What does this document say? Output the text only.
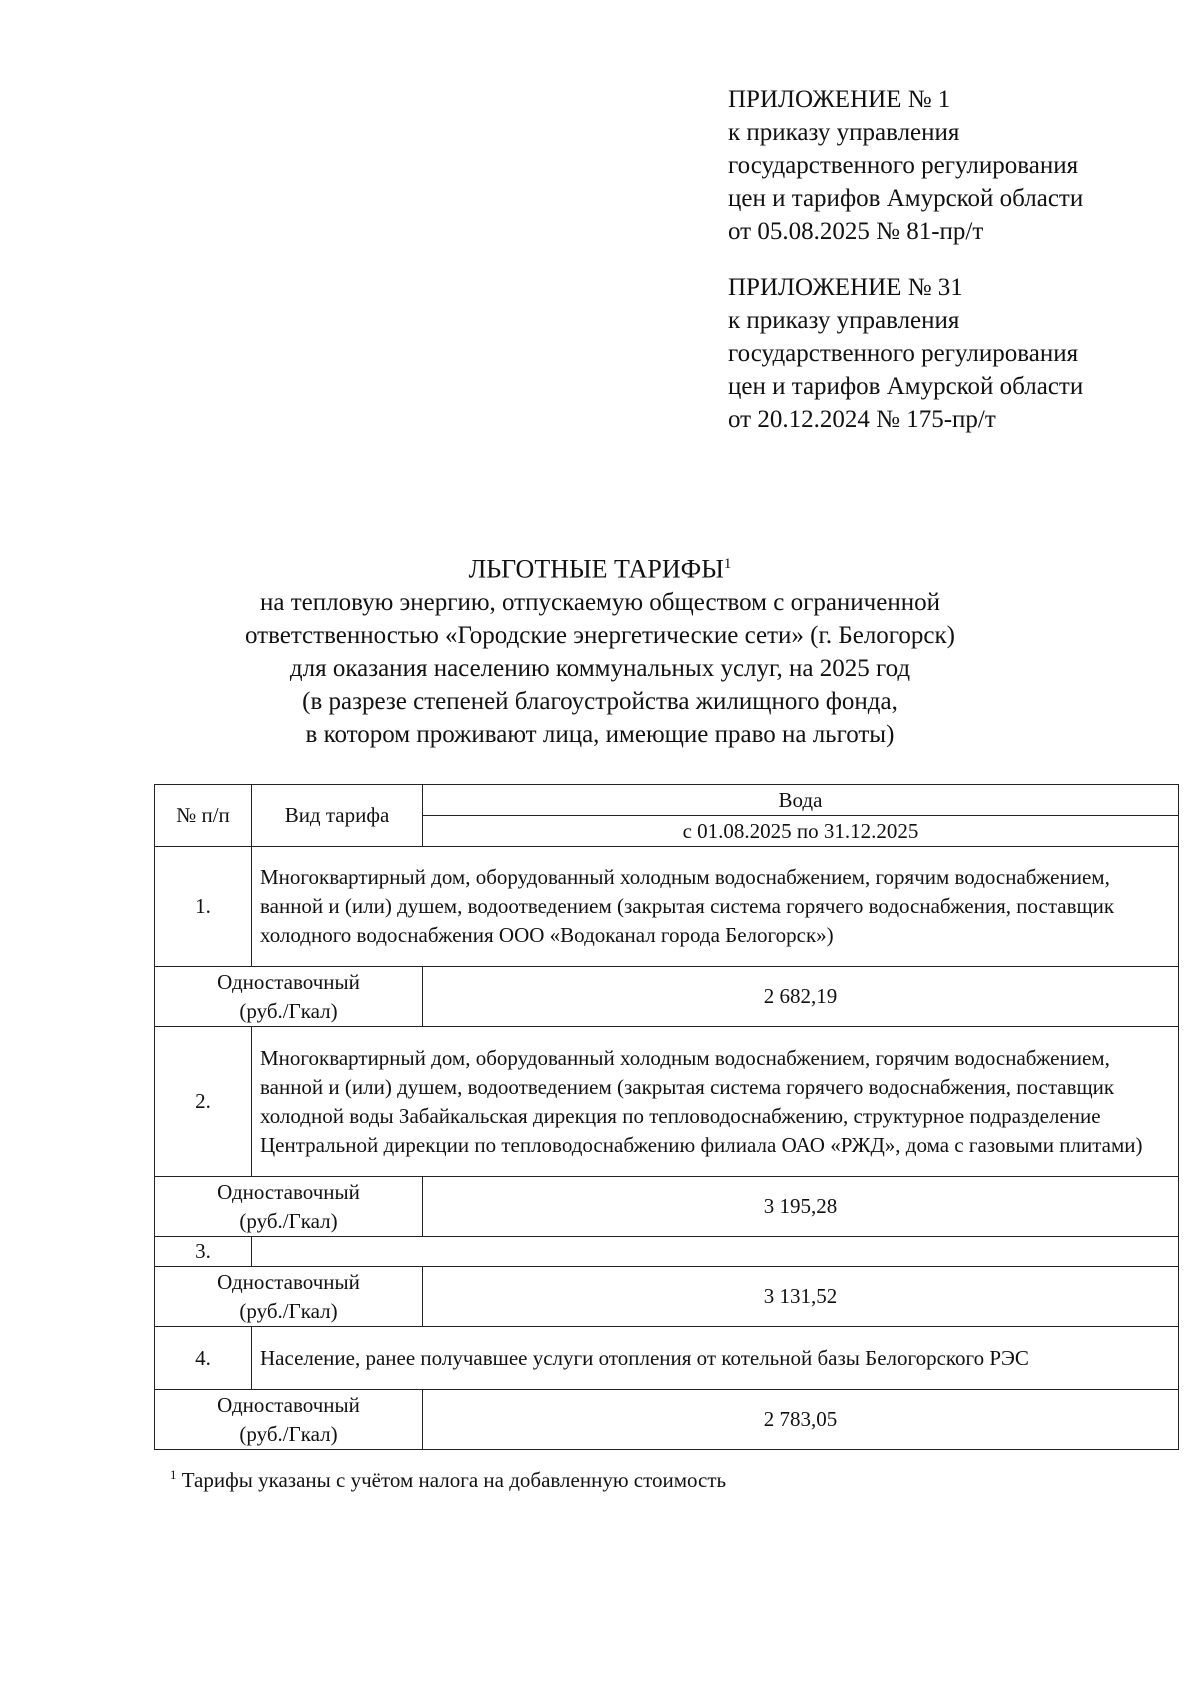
ПРИЛОЖЕНИЕ № 1
к приказу управления
государственного регулирования
цен и тарифов Амурской области
от 05.08.2025 № 81-пр/т
ПРИЛОЖЕНИЕ № 31
к приказу управления
государственного регулирования
цен и тарифов Амурской области
от 20.12.2024 № 175-пр/т
ЛЬГОТНЫЕ ТАРИФЫ$^1$
на тепловую энергию, отпускаемую обществом с ограниченной
ответственностью «Городские энергетические сети» (г. Белогорск)
для оказания населению коммунальных услуг, на 2025 год
(в разрезе степеней благоустройства жилищного фонда,
в котором проживают лица, имеющие право на льготы)
№ п/п	Вид тарифа	Вода
		с 01.08.2025 по 31.12.2025
1.	Многоквартирный дом, оборудованный холодным водоснабжением, горячим водоснабжением, ванной и (или) душем, водоотведением (закрытая система горячего водоснабжения, поставщик холодного водоснабжения ООО «Водоканал города Белогорск»)	

Одноставочный
(руб./Гкал)		2 682,19
2.	Многоквартирный дом, оборудованный холодным водоснабжением, горячим водоснабжением, ванной и (или) душем, водоотведением (закрытая система горячего водоснабжения, поставщик холодной воды Забайкальская дирекция по тепловодоснабжению, структурное подразделение Центральной дирекции по тепловодоснабжению филиала ОАО «РЖД», дома с газовыми плитами)	

Одноставочный
(руб./Гкал)		3 195,28
3.		

Одноставочный
(руб./Гкал)		3 131,52
4.	Население, ранее получавшее услуги отопления от котельной базы Белогорского РЭС	

Одноставочный
(руб./Гкал)		2 783,05
$^1$ Тарифы указаны с учётом налога на добавленную стоимость
